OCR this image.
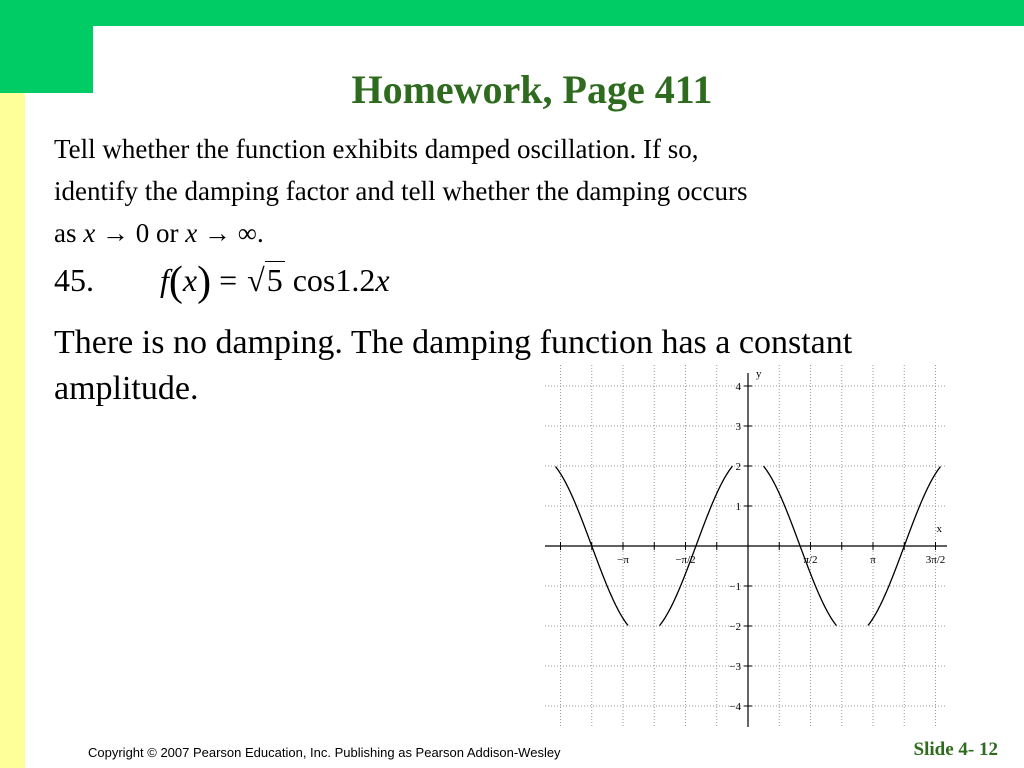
Homework, Page 411
Tell whether the function exhibits damped oscillation. If so,
identify the damping factor and tell whether the damping occurs
as x → 0 or x → ∞.
45. f(x) = √5 cos1.2x
There is no damping. The damping function has a constant amplitude.
−π	−π/2	π/2	π	3π/2
4
3
2
1
−1
−2
−3
−4
x
y
Copyright © 2007 Pearson Education, Inc. Publishing as Pearson Addison-Wesley	Slide 4- 12
